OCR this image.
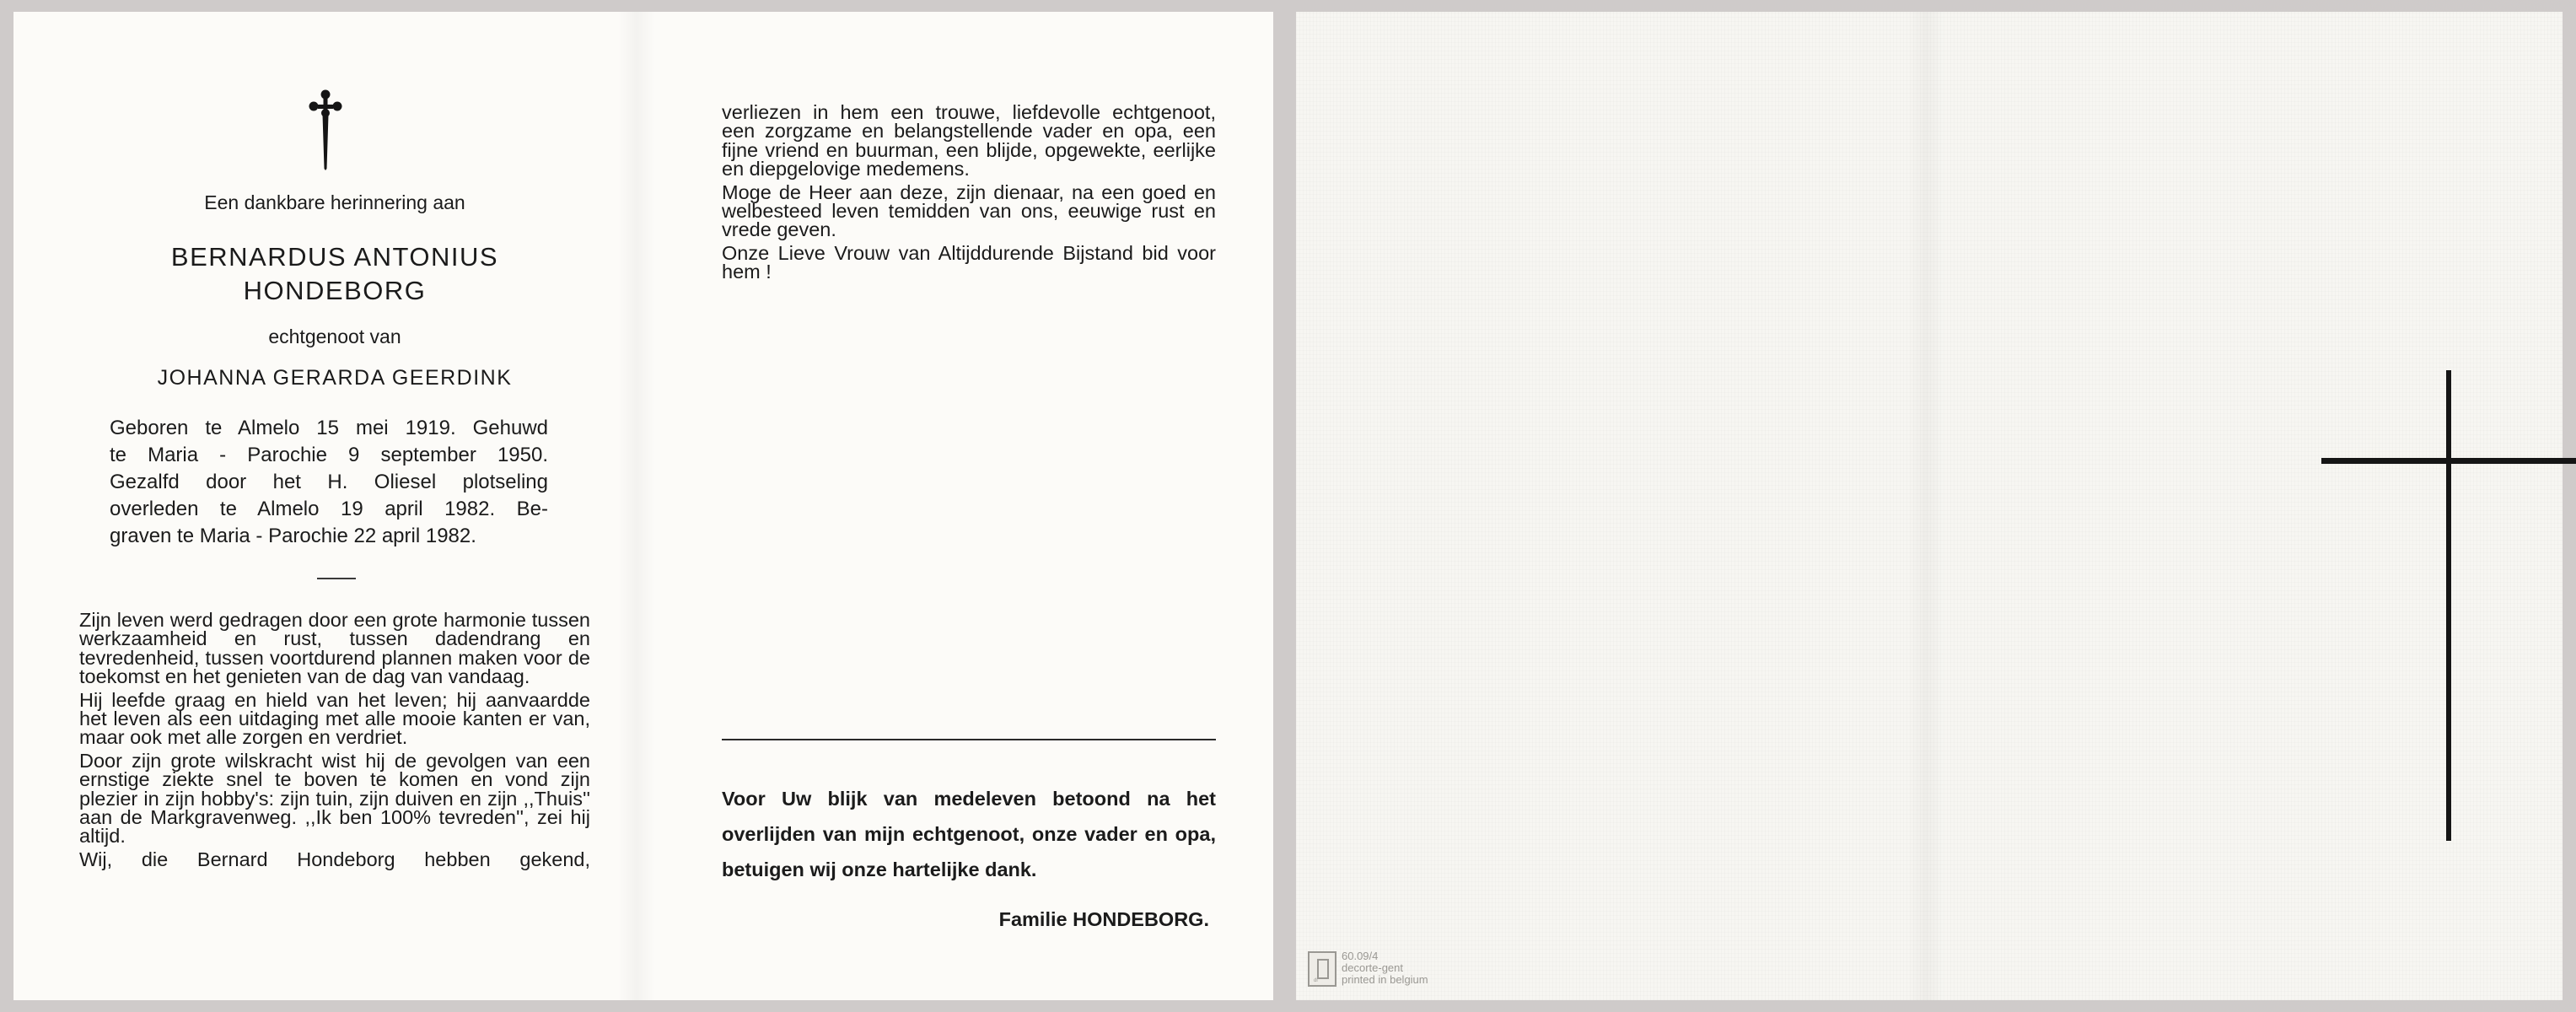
Een dankbare herinnering aan
BERNARDUS ANTONIUS
HONDEBORG
echtgenoot van
JOHANNA GERARDA GEERDINK
Geboren te Almelo 15 mei 1919. Gehuwd
te Maria - Parochie 9 september 1950.
Gezalfd door het H. Oliesel plotseling
overleden te Almelo 19 april 1982. Be-
graven te Maria - Parochie 22 april 1982.

Zijn leven werd gedragen door een grote harmonie tussen werkzaamheid en rust, tussen dadendrang en tevredenheid, tussen voortdurend plannen maken voor de toekomst en het genieten van de dag van vandaag.

Hij leefde graag en hield van het leven; hij aanvaardde het leven als een uitdaging met alle mooie kanten er van, maar ook met alle zorgen en verdriet.

Door zijn grote wilskracht wist hij de gevolgen van een ernstige ziekte snel te boven te komen en vond zijn plezier in zijn hobby's: zijn tuin, zijn duiven en zijn ,,Thuis'' aan de Markgravenweg. ,,Ik ben 100% tevreden'', zei hij altijd.

Wij, die Bernard Hondeborg hebben gekend,

verliezen in hem een trouwe, liefdevolle echtgenoot, een zorgzame en belangstellende vader en opa, een fijne vriend en buurman, een blijde, opgewekte, eerlijke en diepgelovige medemens.

Moge de Heer aan deze, zijn dienaar, na een goed en welbesteed leven temidden van ons, eeuwige rust en vrede geven.

Onze Lieve Vrouw van Altijddurende Bijstand bid voor hem !

Voor Uw blijk van medeleven betoond na het overlijden van mijn echtgenoot, onze vader en opa, betuigen wij onze hartelijke dank.
Familie HONDEBORG.
dl
60.09/4
decorte-gent
printed in belgium
